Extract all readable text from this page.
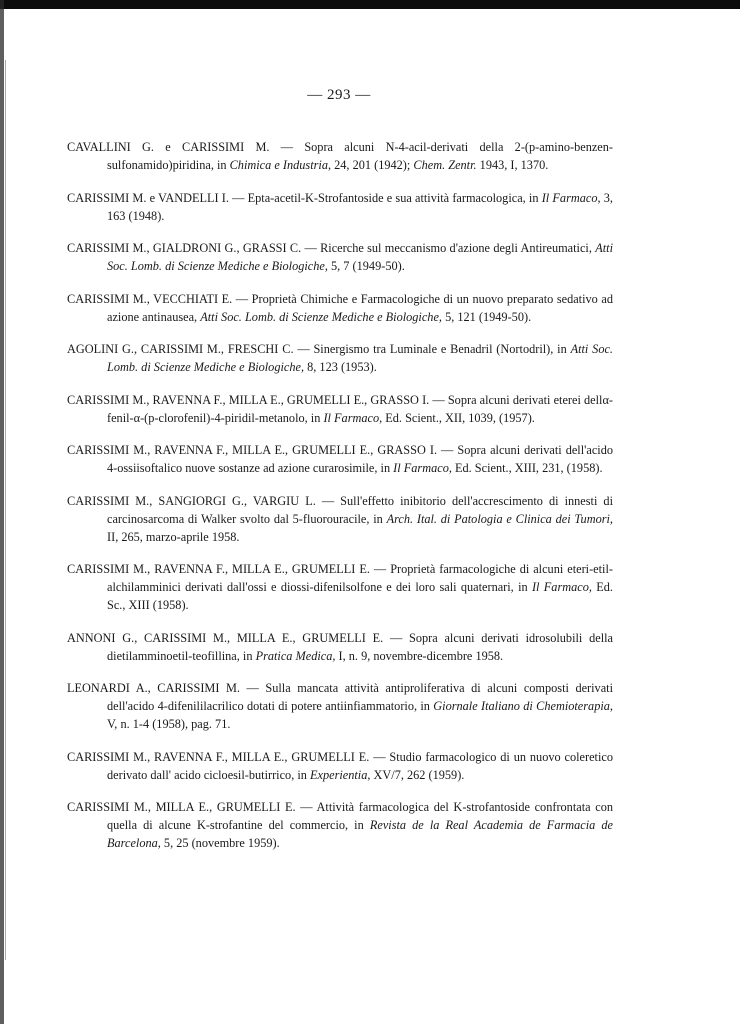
— 293 —

CAVALLINI G. e CARISSIMI M. — Sopra alcuni N-4-acil-derivati della 2-(p-amino-benzen-sulfonamido)piridina, in Chimica e Industria, 24, 201 (1942); Chem. Zentr. 1943, I, 1370.

CARISSIMI M. e VANDELLI I. — Epta-acetil-K-Strofantoside e sua attività farmacologica, in Il Farmaco, 3, 163 (1948).

CARISSIMI M., GIALDRONI G., GRASSI C. — Ricerche sul meccanismo d'azione degli Antireumatici, Atti Soc. Lomb. di Scienze Mediche e Biologiche, 5, 7 (1949-50).

CARISSIMI M., VECCHIATI E. — Proprietà Chimiche e Farmacologiche di un nuovo preparato sedativo ad azione antinausea, Atti Soc. Lomb. di Scienze Mediche e Biologiche, 5, 121 (1949-50).

AGOLINI G., CARISSIMI M., FRESCHI C. — Sinergismo tra Luminale e Benadril (Nortodril), in Atti Soc. Lomb. di Scienze Mediche e Biologiche, 8, 123 (1953).

CARISSIMI M., RAVENNA F., MILLA E., GRUMELLI E., GRASSO I. — Sopra alcuni derivati eterei dellα-fenil-α-(p-clorofenil)-4-piridil-metanolo, in Il Farmaco, Ed. Scient., XII, 1039, (1957).

CARISSIMI M., RAVENNA F., MILLA E., GRUMELLI E., GRASSO I. — Sopra alcuni derivati dell'acido 4-ossiisoftalico nuove sostanze ad azione curarosimile, in Il Farmaco, Ed. Scient., XIII, 231, (1958).

CARISSIMI M., SANGIORGI G., VARGIU L. — Sull'effetto inibitorio dell'accrescimento di innesti di carcinosarcoma di Walker svolto dal 5-fluorouracile, in Arch. Ital. di Patologia e Clinica dei Tumori, II, 265, marzo-aprile 1958.

CARISSIMI M., RAVENNA F., MILLA E., GRUMELLI E. — Proprietà farmacologiche di alcuni eteri-etil-alchilamminici derivati dall'ossi e diossi-difenilsolfone e dei loro sali quaternari, in Il Farmaco, Ed. Sc., XIII (1958).

ANNONI G., CARISSIMI M., MILLA E., GRUMELLI E. — Sopra alcuni derivati idrosolubili della dietilamminoetil-teofillina, in Pratica Medica, I, n. 9, novembre-dicembre 1958.

LEONARDI A., CARISSIMI M. — Sulla mancata attività antiproliferativa di alcuni composti derivati dell'acido 4-difenililacrilico dotati di potere antiinfiammatorio, in Giornale Italiano di Chemioterapia, V, n. 1-4 (1958), pag. 71.

CARISSIMI M., RAVENNA F., MILLA E., GRUMELLI E. — Studio farmacologico di un nuovo coleretico derivato dall' acido cicloesil-butirrico, in Experientia, XV/7, 262 (1959).

CARISSIMI M., MILLA E., GRUMELLI E. — Attività farmacologica del K-strofantoside confrontata con quella di alcune K-strofantine del commercio, in Revista de la Real Academia de Farmacia de Barcelona, 5, 25 (novembre 1959).
